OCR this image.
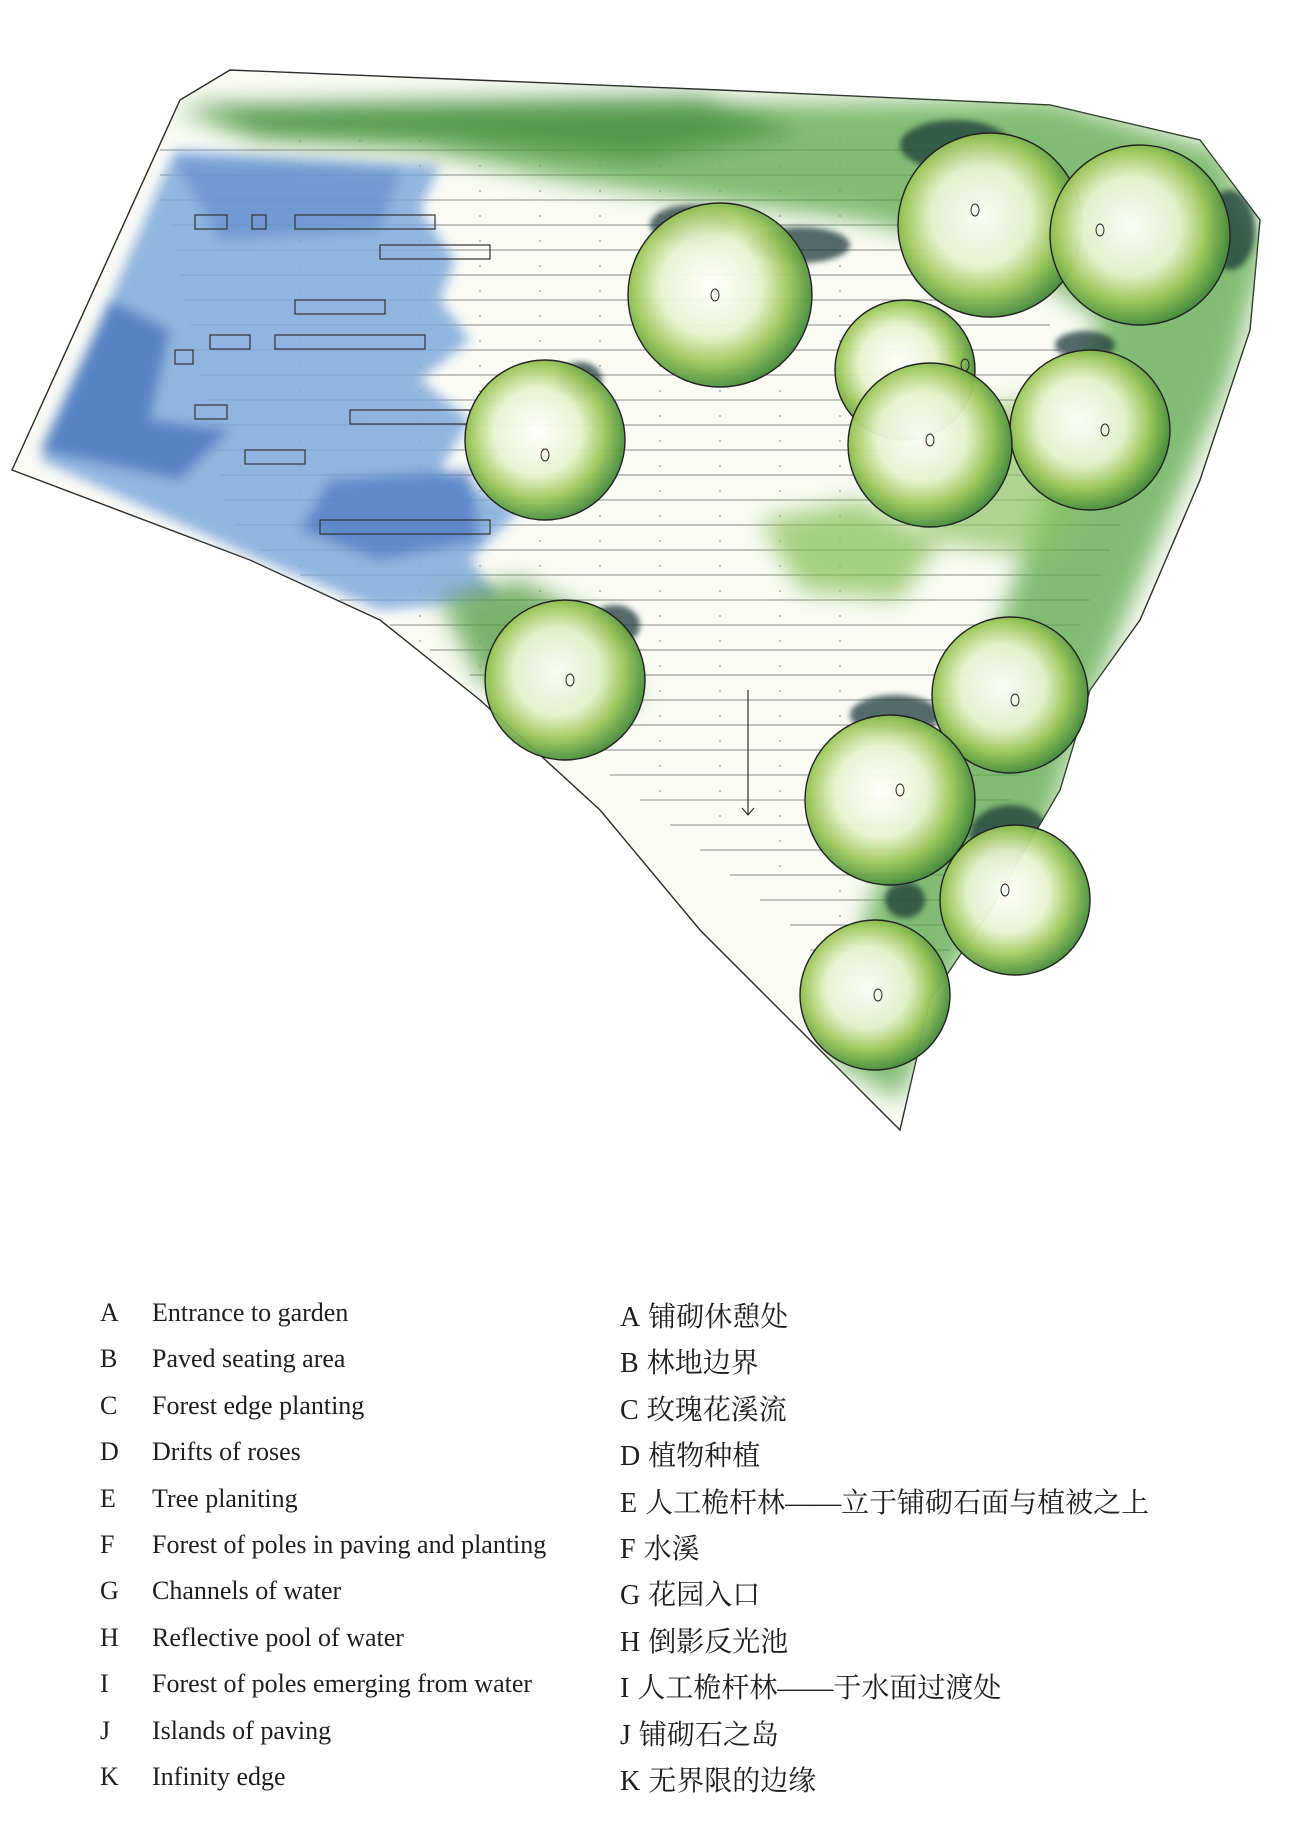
A Entrance to garden
B Paved seating area
C Forest edge planting
D Drifts of roses
E Tree planiting
F Forest of poles in paving and planting
G Channels of water
H Reflective pool of water
I Forest of poles emerging from water
J Islands of paving
K Infinity edge
A 铺砌休憩处
B 林地边界
C 玫瑰花溪流
D 植物种植
E 人工桅杆林——立于铺砌石面与植被之上
F 水溪
G 花园入口
H 倒影反光池
I 人工桅杆林——于水面过渡处
J 铺砌石之岛
K 无界限的边缘
